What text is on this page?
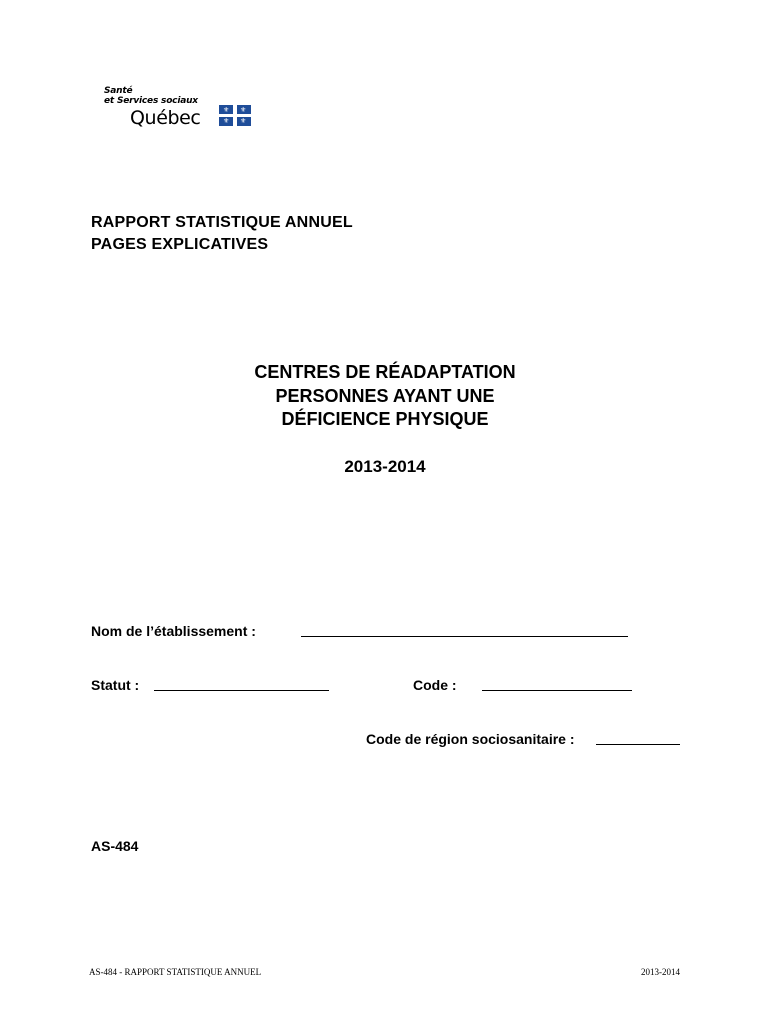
Santé
et Services sociaux
Québec	⚜ ⚜
⚜ ⚜
RAPPORT STATISTIQUE ANNUEL
PAGES EXPLICATIVES
CENTRES DE RÉADAPTATION
PERSONNES AYANT UNE
DÉFICIENCE PHYSIQUE
2013-2014
Nom de l’établissement :
Statut :	Code :
Code de région sociosanitaire :
AS-484
AS-484 - RAPPORT STATISTIQUE ANNUEL	2013-2014
